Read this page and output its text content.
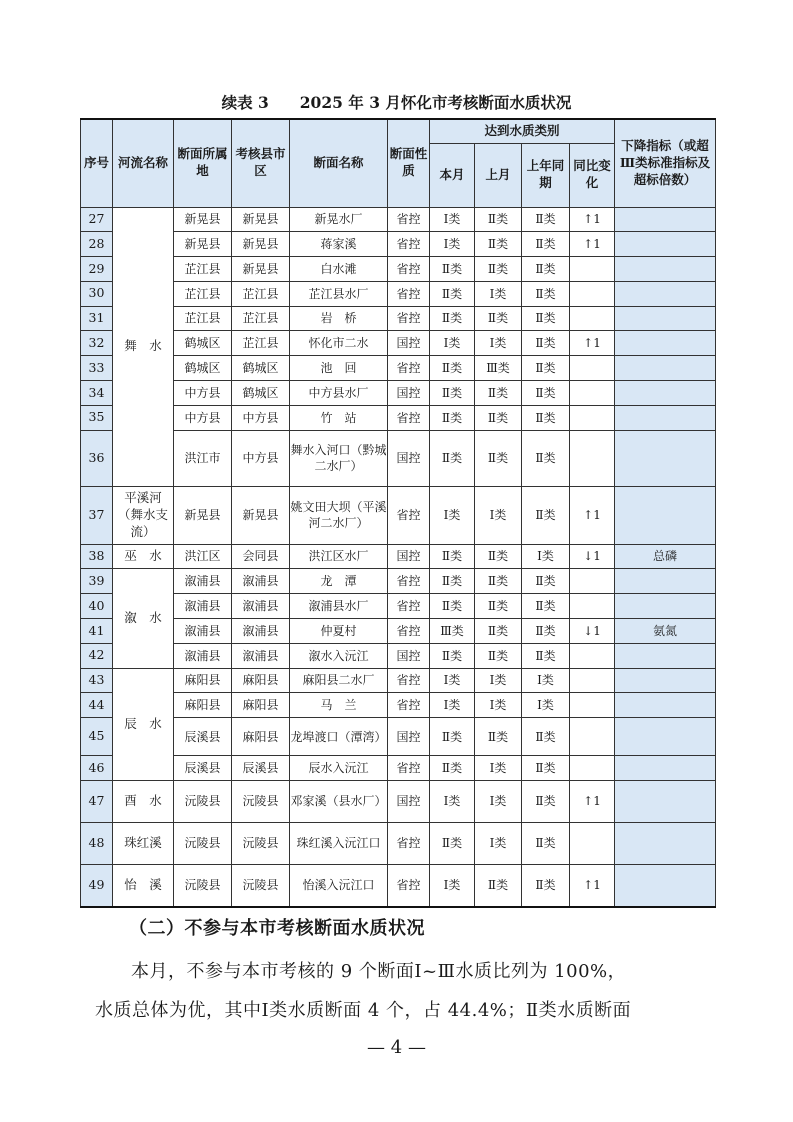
续表 3　　2025 年 3 月怀化市考核断面水质状况
序号	河流名称	断面所属地	考核县市区	断面名称	断面性质	达到水质类别				下降指标（或超Ⅲ类标准指标及超标倍数）
						本月	上月	上年同期	同比变化	
27	舞　水	新晃县	新晃县	新晃水厂	省控	Ⅰ类	Ⅱ类	Ⅱ类	↑1	
28		新晃县	新晃县	蒋家溪	省控	Ⅰ类	Ⅱ类	Ⅱ类	↑1	
29		芷江县	新晃县	白水滩	省控	Ⅱ类	Ⅱ类	Ⅱ类		
30		芷江县	芷江县	芷江县水厂	省控	Ⅱ类	Ⅰ类	Ⅱ类		
31		芷江县	芷江县	岩　桥	省控	Ⅱ类	Ⅱ类	Ⅱ类		
32		鹤城区	芷江县	怀化市二水	国控	Ⅰ类	Ⅰ类	Ⅱ类	↑1	
33		鹤城区	鹤城区	池　回	省控	Ⅱ类	Ⅲ类	Ⅱ类		
34		中方县	鹤城区	中方县水厂	国控	Ⅱ类	Ⅱ类	Ⅱ类		
35		中方县	中方县	竹　站	省控	Ⅱ类	Ⅱ类	Ⅱ类		
36		洪江市	中方县	舞水入河口（黔城二水厂）	国控	Ⅱ类	Ⅱ类	Ⅱ类		
37	平溪河（舞水支流）	新晃县	新晃县	姚文田大坝（平溪河二水厂）	省控	Ⅰ类	Ⅰ类	Ⅱ类	↑1	
38	巫　水	洪江区	会同县	洪江区水厂	国控	Ⅱ类	Ⅱ类	Ⅰ类	↓1	总磷
39	溆　水	溆浦县	溆浦县	龙　潭	省控	Ⅱ类	Ⅱ类	Ⅱ类		
40		溆浦县	溆浦县	溆浦县水厂	省控	Ⅱ类	Ⅱ类	Ⅱ类		
41		溆浦县	溆浦县	仲夏村	省控	Ⅲ类	Ⅱ类	Ⅱ类	↓1	氨氮
42		溆浦县	溆浦县	溆水入沅江	国控	Ⅱ类	Ⅱ类	Ⅱ类		
43	辰　水	麻阳县	麻阳县	麻阳县二水厂	省控	Ⅰ类	Ⅰ类	Ⅰ类		
44		麻阳县	麻阳县	马　兰	省控	Ⅰ类	Ⅰ类	Ⅰ类		
45		辰溪县	麻阳县	龙埠渡口（潭湾）	国控	Ⅱ类	Ⅱ类	Ⅱ类		
46		辰溪县	辰溪县	辰水入沅江	省控	Ⅱ类	Ⅰ类	Ⅱ类		
47	酉　水	沅陵县	沅陵县	邓家溪（县水厂）	国控	Ⅰ类	Ⅰ类	Ⅱ类	↑1	
48	珠红溪	沅陵县	沅陵县	珠红溪入沅江口	省控	Ⅱ类	Ⅰ类	Ⅱ类		
49	怡　溪	沅陵县	沅陵县	怡溪入沅江口	省控	Ⅰ类	Ⅱ类	Ⅱ类	↑1	
（二）不参与本市考核断面水质状况
本月，不参与本市考核的 9 个断面Ⅰ~Ⅲ水质比列为 100%，
水质总体为优，其中Ⅰ类水质断面 4 个，占 44.4%；Ⅱ类水质断面
— 4 —
